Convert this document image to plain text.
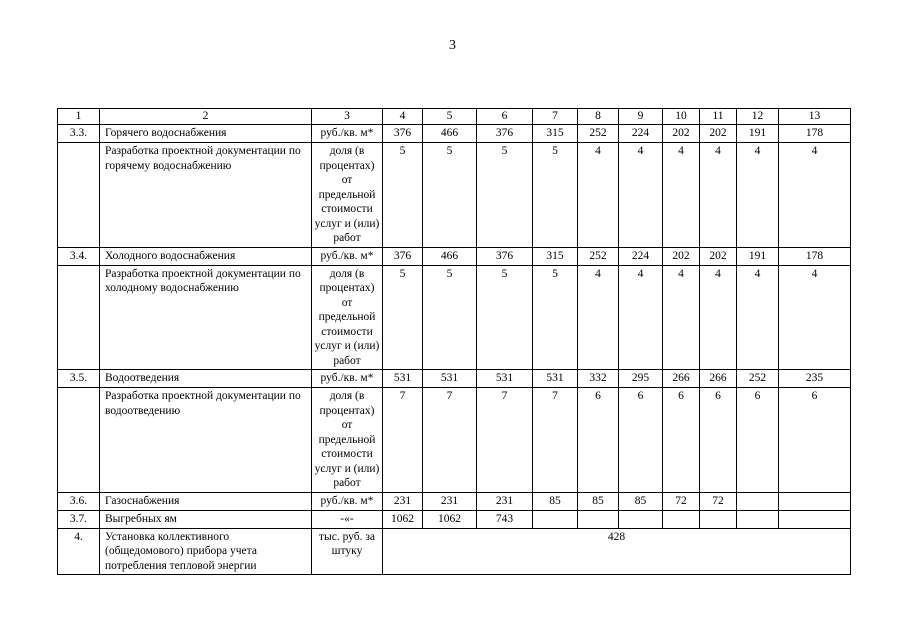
3
1	2	3	4	5	6	7	8	9	10	11	12	13
3.3.	Горячего водоснабжения	руб./кв. м*	376	466	376	315	252	224	202	202	191	178
	Разработка проектной документации по горячему водоснабжению	доля (в процентах) от предельной стоимости услуг и (или) работ	5	5	5	5	4	4	4	4	4	4
3.4.	Холодного водоснабжения	руб./кв. м*	376	466	376	315	252	224	202	202	191	178
	Разработка проектной документации по холодному водоснабжению	доля (в процентах) от предельной стоимости услуг и (или) работ	5	5	5	5	4	4	4	4	4	4
3.5.	Водоотведения	руб./кв. м*	531	531	531	531	332	295	266	266	252	235
	Разработка проектной документации по водоотведению	доля (в процентах) от предельной стоимости услуг и (или) работ	7	7	7	7	6	6	6	6	6	6
3.6.	Газоснабжения	руб./кв. м*	231	231	231	85	85	85	72	72		
3.7.	Выгребных ям	-«-	1062	1062	743							
4.	Установка коллективного (общедомового) прибора учета потребления тепловой энергии	тыс. руб. за штуку	428									
